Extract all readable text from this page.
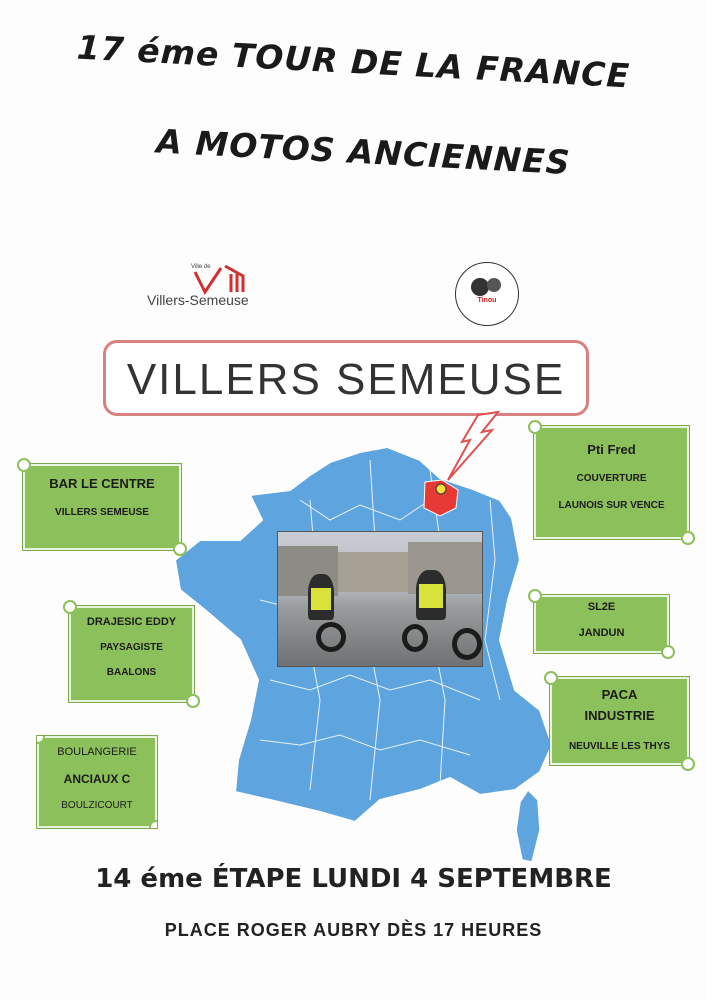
17 éme TOUR DE LA FRANCE
A MOTOS ANCIENNES
Ville de
Villers-Semeuse	Tinou
VILLERS SEMEUSE
BAR LE CENTRE
VILLERS SEMEUSE
Pti Fred
COUVERTURE
LAUNOIS SUR VENCE
DRAJESIC EDDY
PAYSAGISTE
BAALONS
SL2E
JANDUN
PACA
INDUSTRIE
NEUVILLE LES THYS
BOULANGERIE
ANCIAUX C
BOULZICOURT
14 éme ÉTAPE LUNDI 4 SEPTEMBRE
PLACE ROGER AUBRY DÈS 17 HEURES
